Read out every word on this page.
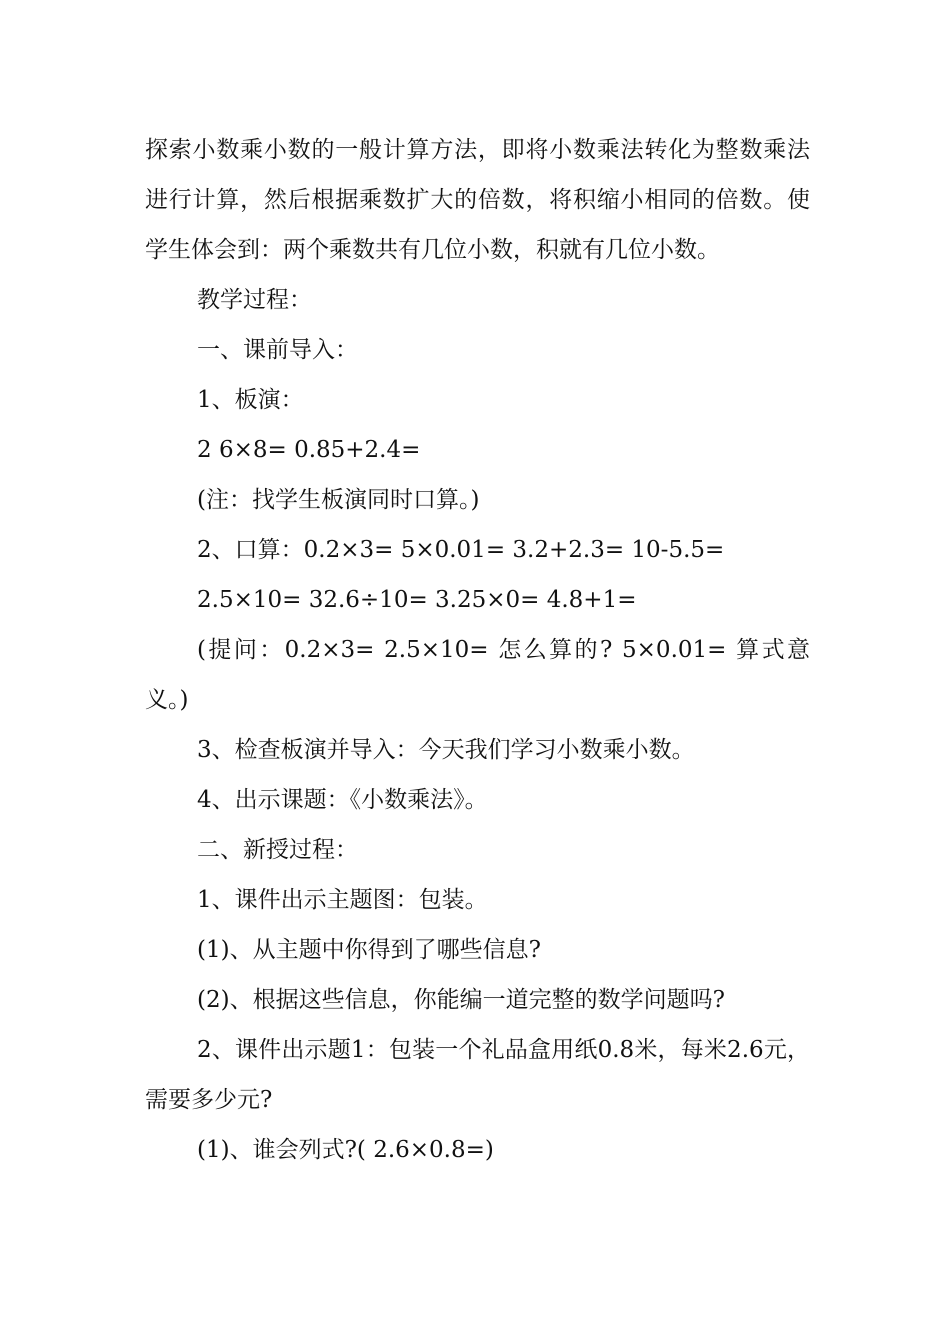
探索小数乘小数的一般计算方法，即将小数乘法转化为整数乘法进行计算，然后根据乘数扩大的倍数，将积缩小相同的倍数。使学生体会到：两个乘数共有几位小数，积就有几位小数。

教学过程：

一、课前导入：

1、板演：

2 6×8= 0.85+2.4=

(注：找学生板演同时口算。)

2、口算：0.2×3= 5×0.01= 3.2+2.3= 10-5.5=

2.5×10= 32.6÷10= 3.25×0= 4.8+1=

(提问：0.2×3= 2.5×10= 怎么算的? 5×0.01= 算式意义。)

3、检查板演并导入：今天我们学习小数乘小数。

4、出示课题：《小数乘法》。

二、新授过程：

1、课件出示主题图：包装。

(1)、从主题中你得到了哪些信息?

(2)、根据这些信息，你能编一道完整的数学问题吗?

2、课件出示题1：包装一个礼品盒用纸0.8米，每米2.6元，需要多少元?

(1)、谁会列式?( 2.6×0.8=)
